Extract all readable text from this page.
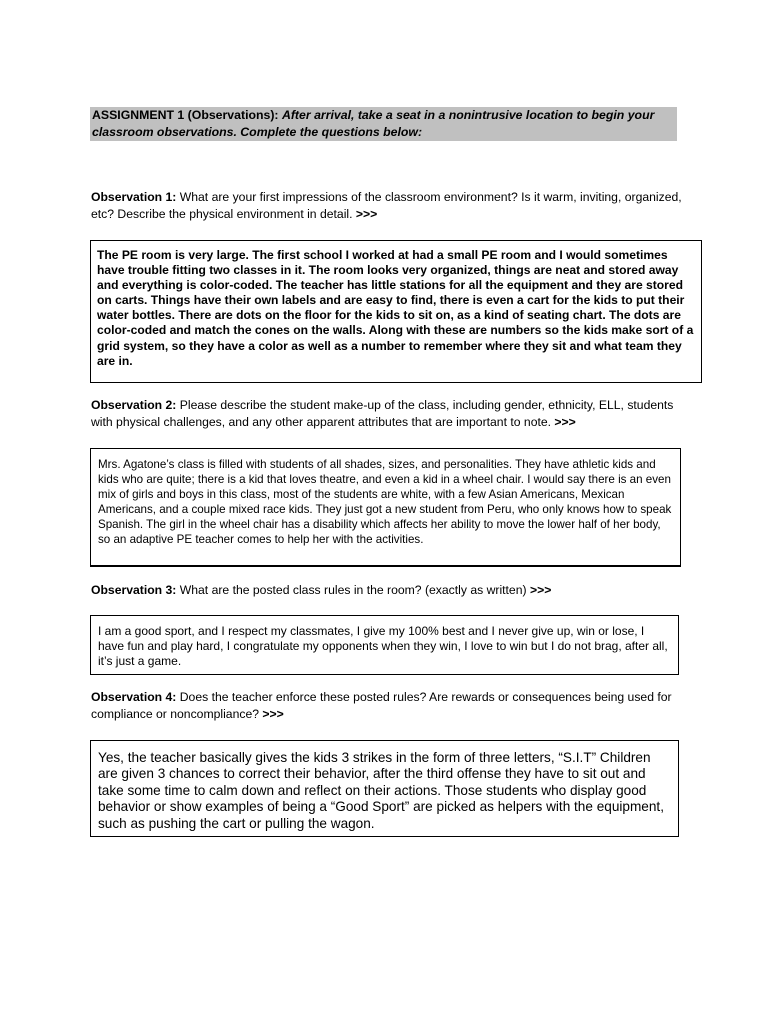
ASSIGNMENT 1 (Observations): After arrival, take a seat in a nonintrusive location to begin your classroom observations. Complete the questions below:
Observation 1: What are your first impressions of the classroom environment? Is it warm, inviting, organized, etc? Describe the physical environment in detail. >>>

The PE room is very large. The first school I worked at had a small PE room and I would sometimes have trouble fitting two classes in it. The room looks very organized, things are neat and stored away and everything is color-coded. The teacher has little stations for all the equipment and they are stored on carts. Things have their own labels and are easy to find, there is even a cart for the kids to put their water bottles. There are dots on the floor for the kids to sit on, as a kind of seating chart. The dots are color-coded and match the cones on the walls. Along with these are numbers so the kids make sort of a grid system, so they have a color as well as a number to remember where they sit and what team they are in.

Observation 2: Please describe the student make-up of the class, including gender, ethnicity, ELL, students with physical challenges, and any other apparent attributes that are important to note. >>>

Mrs. Agatone’s class is filled with students of all shades, sizes, and personalities. They have athletic kids and kids who are quite; there is a kid that loves theatre, and even a kid in a wheel chair. I would say there is an even mix of girls and boys in this class, most of the students are white, with a few Asian Americans, Mexican Americans, and a couple mixed race kids. They just got a new student from Peru, who only knows how to speak Spanish. The girl in the wheel chair has a disability which affects her ability to move the lower half of her body, so an adaptive PE teacher comes to help her with the activities.

Observation 3: What are the posted class rules in the room? (exactly as written) >>>

I am a good sport, and I respect my classmates, I give my 100% best and I never give up, win or lose, I have fun and play hard, I congratulate my opponents when they win, I love to win but I do not brag, after all, it’s just a game.

Observation 4: Does the teacher enforce these posted rules? Are rewards or consequences being used for compliance or noncompliance? >>>

Yes, the teacher basically gives the kids 3 strikes in the form of three letters, “S.I.T” Children are given 3 chances to correct their behavior, after the third offense they have to sit out and take some time to calm down and reflect on their actions. Those students who display good behavior or show examples of being a “Good Sport” are picked as helpers with the equipment, such as pushing the cart or pulling the wagon.
